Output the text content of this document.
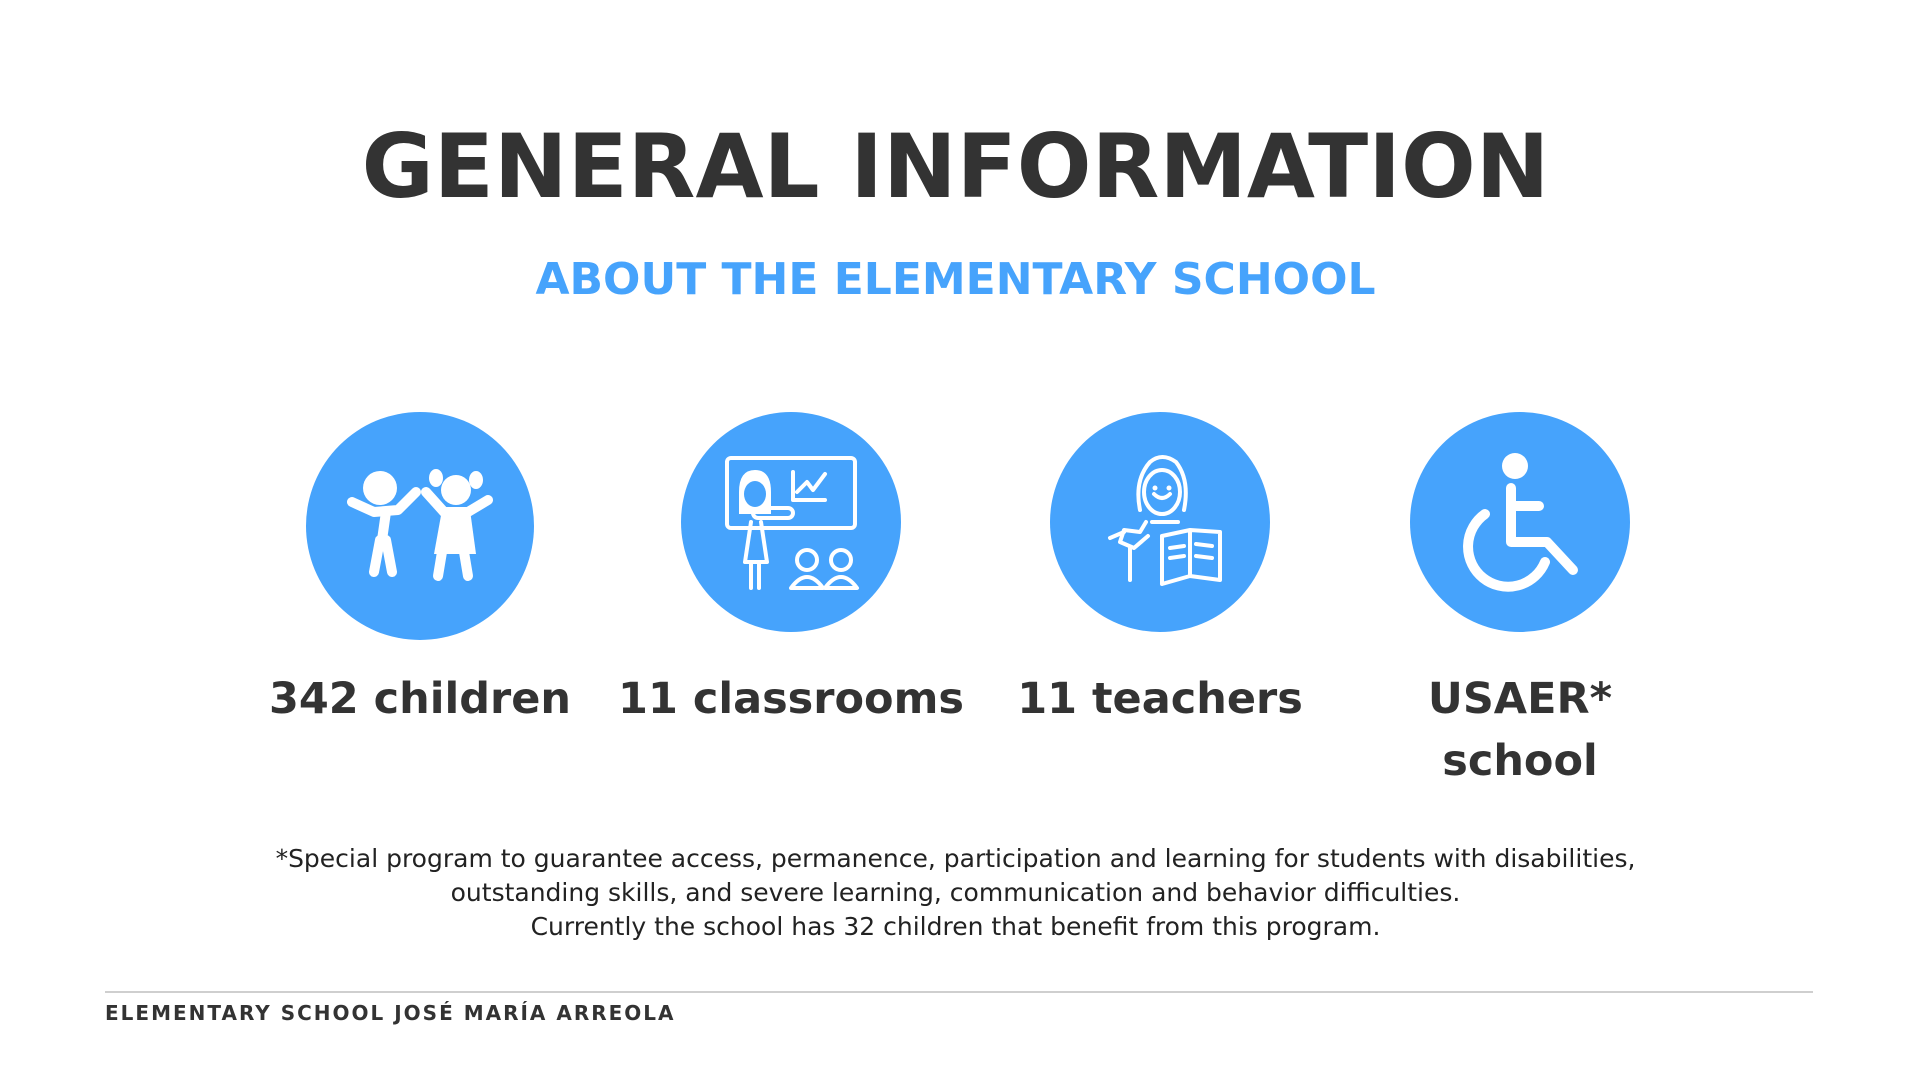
GENERAL INFORMATION
ABOUT THE ELEMENTARY SCHOOL
342 children	11 classrooms	11 teachers	USAER*
school
*Special program to guarantee access, permanence, participation and learning for students with disabilities,
outstanding skills, and severe learning, communication and behavior difficulties.
Currently the school has 32 children that benefit from this program.
ELEMENTARY SCHOOL JOSÉ MARÍA ARREOLA
